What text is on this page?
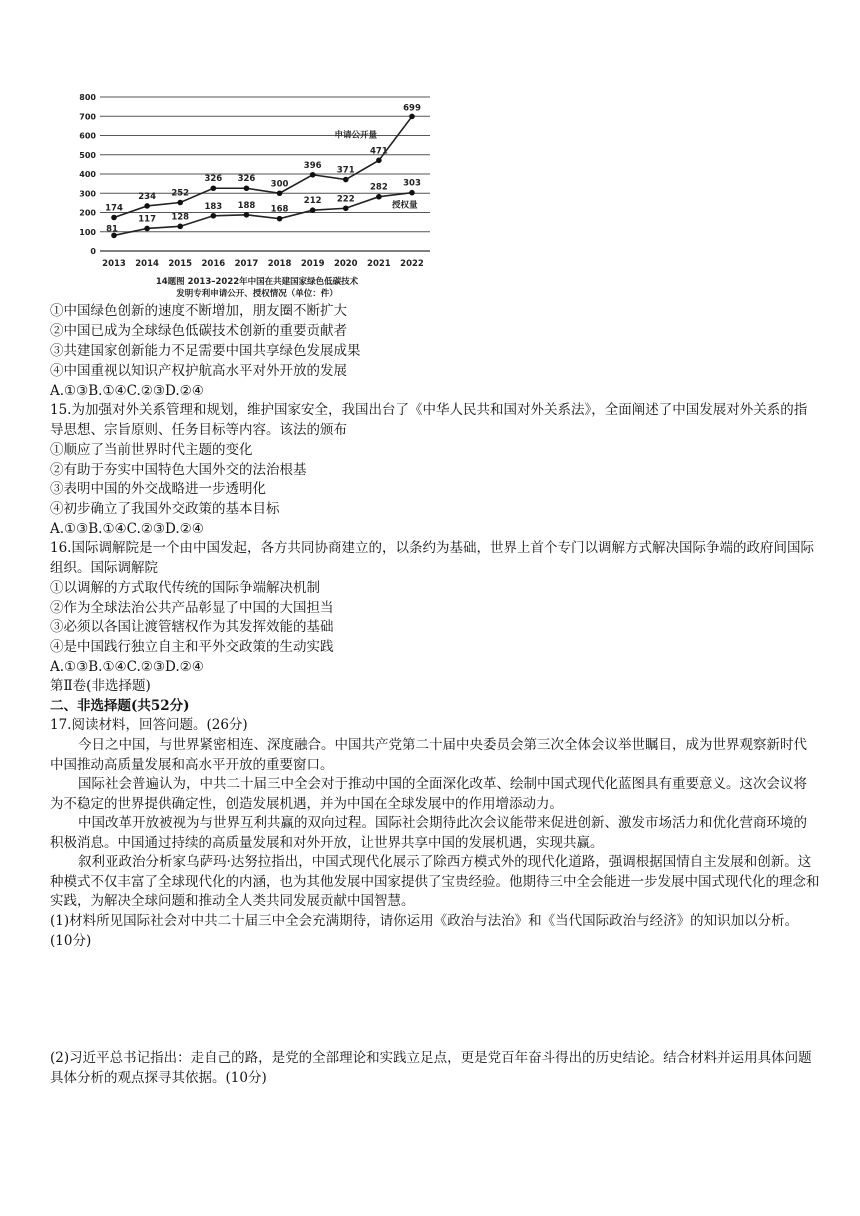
0
100
200
300
400
500
600
700
800
2013 2014 2015 2016 2017 2018 2019 2020 2021 2022
174
234 252
326 326
300
396 371
471
699
申请公开量
81
117 128
183 188 168
212 222
282 303
授权量
14题图 2013–2022年中国在共建国家绿色低碳技术
发明专利申请公开、授权情况（单位：件）
①中国绿色创新的速度不断增加，朋友圈不断扩大
②中国已成为全球绿色低碳技术创新的重要贡献者
③共建国家创新能力不足需要中国共享绿色发展成果
④中国重视以知识产权护航高水平对外开放的发展
A.①③B.①④C.②③D.②④
15.为加强对外关系管理和规划，维护国家安全，我国出台了《中华人民共和国对外关系法》，全面阐述了中国发展对外关系的指导思想、宗旨原则、任务目标等内容。该法的颁布
①顺应了当前世界时代主题的变化
②有助于夯实中国特色大国外交的法治根基
③表明中国的外交战略进一步透明化
④初步确立了我国外交政策的基本目标
A.①③B.①④C.②③D.②④
16.国际调解院是一个由中国发起，各方共同协商建立的，以条约为基础，世界上首个专门以调解方式解决国际争端的政府间国际组织。国际调解院
①以调解的方式取代传统的国际争端解决机制
②作为全球法治公共产品彰显了中国的大国担当
③必须以各国让渡管辖权作为其发挥效能的基础
④是中国践行独立自主和平外交政策的生动实践
A.①③B.①④C.②③D.②④
第Ⅱ卷(非选择题)
二、非选择题(共52分)
17.阅读材料，回答问题。(26分)
今日之中国，与世界紧密相连、深度融合。中国共产党第二十届中央委员会第三次全体会议举世瞩目，成为世界观察新时代中国推动高质量发展和高水平开放的重要窗口。
国际社会普遍认为，中共二十届三中全会对于推动中国的全面深化改革、绘制中国式现代化蓝图具有重要意义。这次会议将为不稳定的世界提供确定性，创造发展机遇，并为中国在全球发展中的作用增添动力。
中国改革开放被视为与世界互利共赢的双向过程。国际社会期待此次会议能带来促进创新、激发市场活力和优化营商环境的积极消息。中国通过持续的高质量发展和对外开放，让世界共享中国的发展机遇，实现共赢。
叙利亚政治分析家乌萨玛·达努拉指出，中国式现代化展示了除西方模式外的现代化道路，强调根据国情自主发展和创新。这种模式不仅丰富了全球现代化的内涵，也为其他发展中国家提供了宝贵经验。他期待三中全会能进一步发展中国式现代化的理念和实践，为解决全球问题和推动全人类共同发展贡献中国智慧。
(1)材料所见国际社会对中共二十届三中全会充满期待，请你运用《政治与法治》和《当代国际政治与经济》的知识加以分析。(10分)
(2)习近平总书记指出：走自己的路，是党的全部理论和实践立足点，更是党百年奋斗得出的历史结论。结合材料并运用具体问题具体分析的观点探寻其依据。(10分)
